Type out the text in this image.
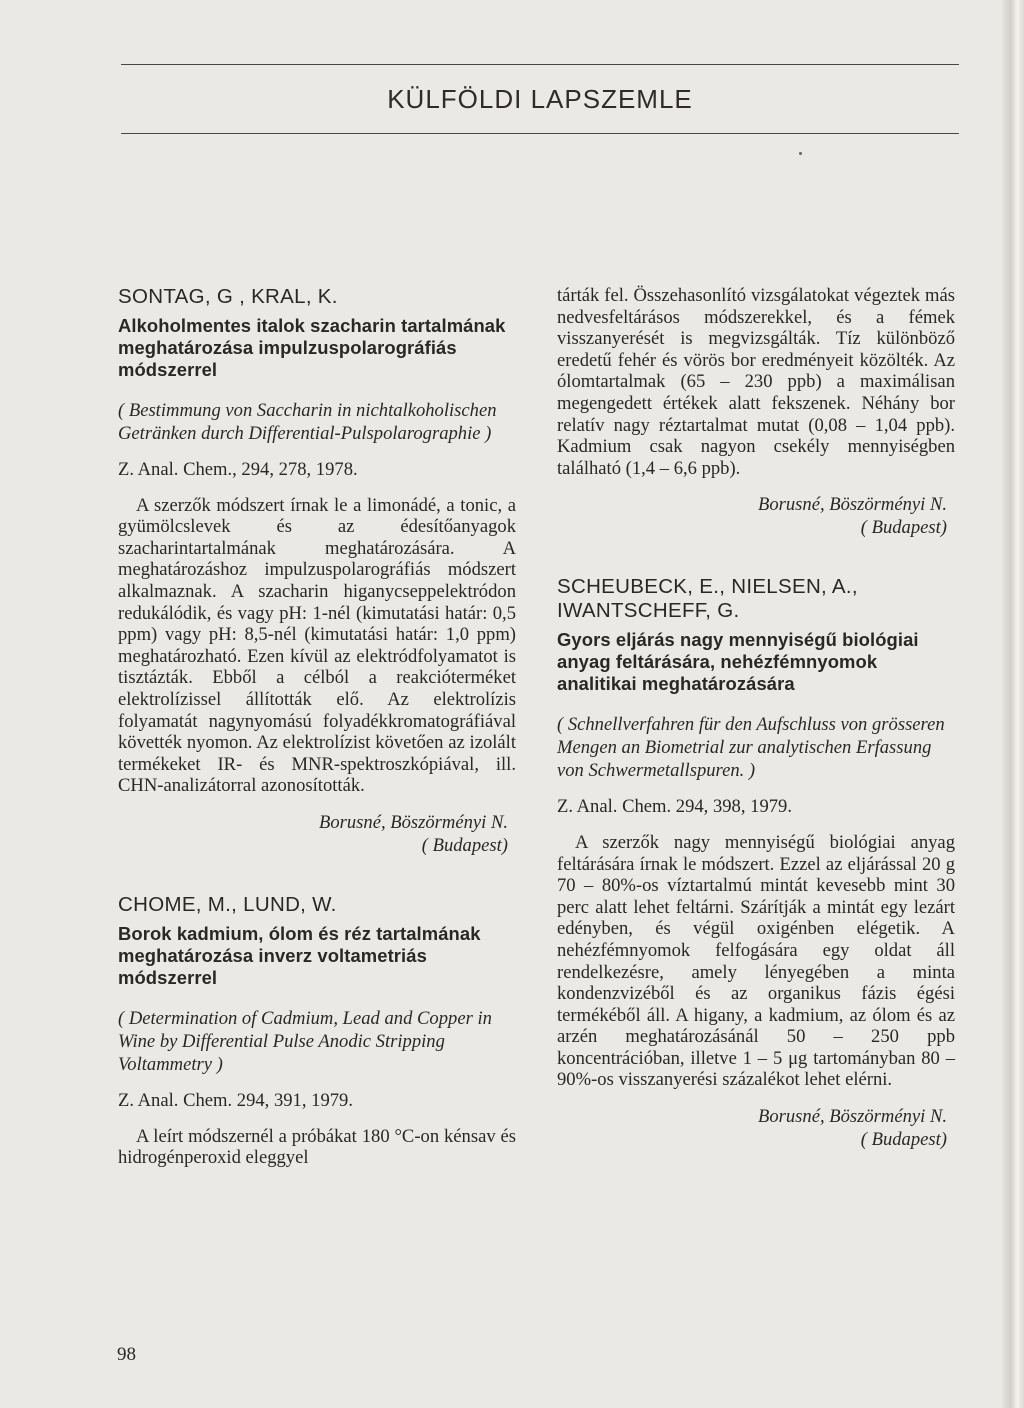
KÜLFÖLDI LAPSZEMLE

SONTAG, G , KRAL, K.

Alkoholmentes italok szacharin tartalmának meghatározása impulzuspolarográfiás módszerrel

( Bestimmung von Saccharin in nichtalkoholischen Getränken durch Differential-Pulspolarographie )

Z. Anal. Chem., 294, 278, 1978.

A szerzők módszert írnak le a limonádé, a tonic, a gyümölcslevek és az édesítőanyagok szacharintartalmának meghatározására. A meghatározáshoz impulzuspolarográfiás módszert alkalmaznak. A szacharin higanycseppelektródon redukálódik, és vagy pH: 1-nél (kimutatási határ: 0,5 ppm) vagy pH: 8,5-nél (kimutatási határ: 1,0 ppm) meghatározható. Ezen kívül az elektródfolyamatot is tisztázták. Ebből a célból a reakcióterméket elektrolízissel állították elő. Az elektrolízis folyamatát nagynyomású folyadékkromatográfiával követték nyomon. Az elektrolízist követően az izolált termékeket IR- és MNR-spektroszkópiával, ill. CHN-analizátorral azonosították.

Borusné, Böszörményi N.
( Budapest)

CHOME, M., LUND, W.

Borok kadmium, ólom és réz tartalmának meghatározása inverz voltametriás módszerrel

( Determination of Cadmium, Lead and Copper in Wine by Differential Pulse Anodic Stripping Voltammetry )

Z. Anal. Chem. 294, 391, 1979.

A leírt módszernél a próbákat 180 °C-on kénsav és hidrogénperoxid eleggyel

tárták fel. Összehasonlító vizsgálatokat végeztek más nedvesfeltárásos módszerekkel, és a fémek visszanyerését is megvizsgálták. Tíz különböző eredetű fehér és vörös bor eredményeit közölték. Az ólomtartalmak (65 – 230 ppb) a maximálisan megengedett értékek alatt fekszenek. Néhány bor relatív nagy réztartalmat mutat (0,08 – 1,04 ppb). Kadmium csak nagyon csekély mennyiségben található (1,4 – 6,6 ppb).

Borusné, Böszörményi N.
( Budapest)

SCHEUBECK, E., NIELSEN, A., IWANTSCHEFF, G.

Gyors eljárás nagy mennyiségű biológiai anyag feltárására, nehézfémnyomok analitikai meghatározására

( Schnellverfahren für den Aufschluss von grösseren Mengen an Biometrial zur analytischen Erfassung von Schwermetallspuren. )

Z. Anal. Chem. 294, 398, 1979.

A szerzők nagy mennyiségű biológiai anyag feltárására írnak le módszert. Ezzel az eljárással 20 g 70 – 80%-os víztartalmú mintát kevesebb mint 30 perc alatt lehet feltárni. Szárítják a mintát egy lezárt edényben, és végül oxigénben elégetik. A nehézfémnyomok felfogására egy oldat áll rendelkezésre, amely lényegében a minta kondenzvizéből és az organikus fázis égési termékéből áll. A higany, a kadmium, az ólom és az arzén meghatározásánál 50 – 250 ppb koncentrációban, illetve 1 – 5 μg tartományban 80 – 90%-os visszanyerési százalékot lehet elérni.

Borusné, Böszörményi N.
( Budapest)
98
